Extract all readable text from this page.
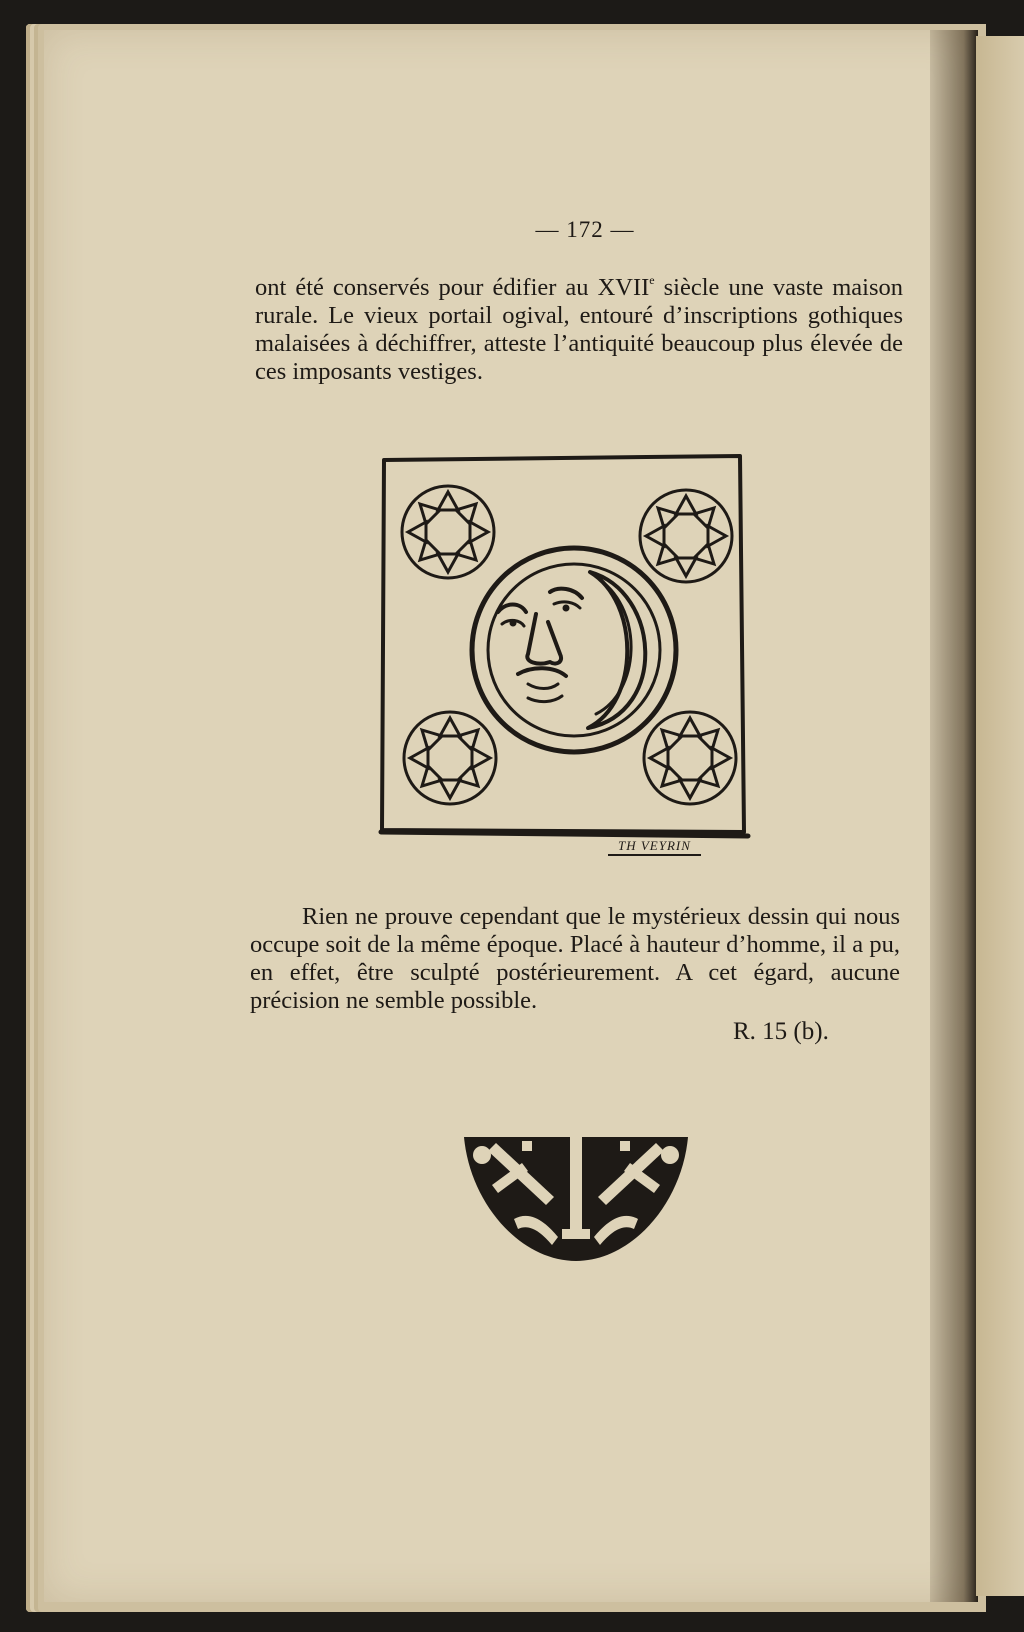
— 172 —

ont été conservés pour édifier au XVIIe siècle une vaste maison rurale. Le vieux portail ogival, entouré d’inscriptions gothiques malaisées à déchiffrer, atteste l’antiquité beaucoup plus élevée de ces imposants vestiges.

TH VEYRIN

Rien ne prouve cependant que le mystérieux dessin qui nous occupe soit de la même époque. Placé à hauteur d’homme, il a pu, en effet, être sculpté postérieurement. A cet égard, aucune précision ne semble possible.

R. 15 (b).
